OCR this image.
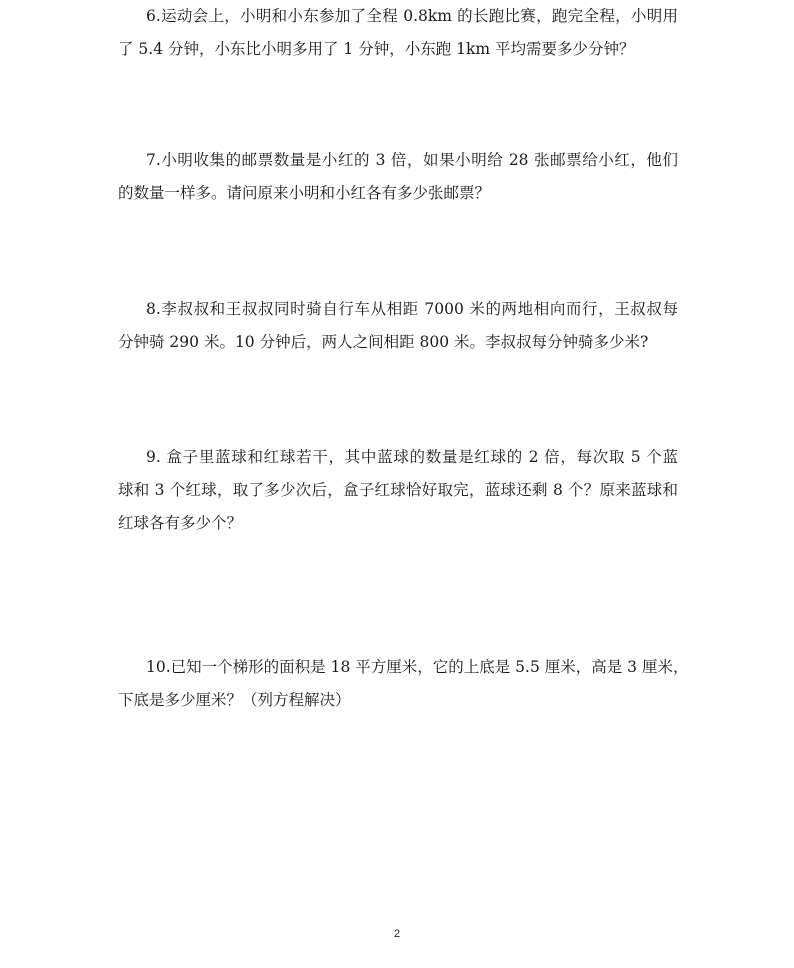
6.运动会上，小明和小东参加了全程 0.8km 的长跑比赛，跑完全程，小明用
了 5.4 分钟，小东比小明多用了 1 分钟，小东跑 1km 平均需要多少分钟？
7.小明收集的邮票数量是小红的 3 倍，如果小明给 28 张邮票给小红，他们
的数量一样多。请问原来小明和小红各有多少张邮票？
8.李叔叔和王叔叔同时骑自行车从相距 7000 米的两地相向而行，王叔叔每
分钟骑 290 米。10 分钟后，两人之间相距 800 米。李叔叔每分钟骑多少米?
9. 盒子里蓝球和红球若干，其中蓝球的数量是红球的 2 倍，每次取 5 个蓝
球和 3 个红球，取了多少次后，盒子红球恰好取完，蓝球还剩 8 个？原来蓝球和
红球各有多少个？
10.已知一个梯形的面积是 18 平方厘米，它的上底是 5.5 厘米，高是 3 厘米，
下底是多少厘米？（列方程解决）
2
